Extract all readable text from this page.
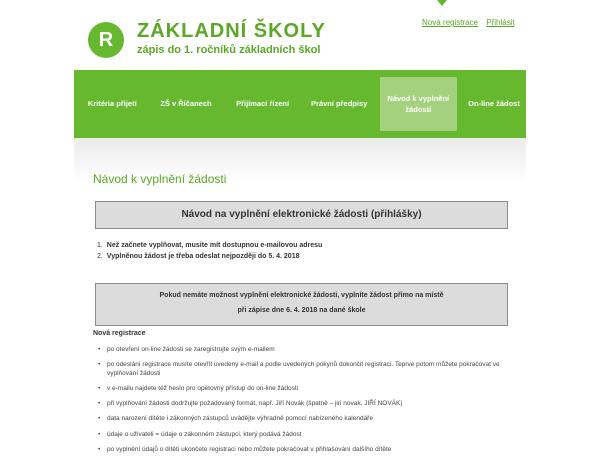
R ZÁKLADNÍ ŠKOLY
zápis do 1. ročníků základních škol
Nová registrace Přihlásit
Kritéria přijetí	ZŠ v Říčanech	Přijímací řízení	Právní předpisy
Návod k vyplnění
žádosti
On-line žádost
Návod k vyplnění žádosti
Návod na vyplnění elektronické žádosti (přihlášky)
1. Než začnete vyplňovat, musíte mít dostupnou e-mailovou adresu
2. Vyplněnou žádost je třeba odeslat nejpozději do 5. 4. 2018
Pokud nemáte možnost vyplnění elektronické žádosti, vyplníte žádost přímo na místě
při zápise dne 6. 4. 2018 na dané škole
Nová registrace
• po otevření on-line žádosti se zaregistrujte svým e-mailem
• po odeslání registrace musíte otevřít uvedený e-mail a podle uvedených pokynů dokončit registraci. Teprve potom můžete pokračovat ve vyplňování žádosti
• v e-mailu najdete též heslo pro opětovný přístup do on-line žádosti
• při vyplňování žádosti dodržujte požadovaný formát, např. Jiří Novák (špatně – jiri novak, JIŘÍ NOVÁK)
• data narození dítěte i zákonných zástupců uvádějte výhradně pomocí nabízeného kalendáře
• údaje o uživateli = údaje o zákonném zástupci, který podává žádost
• po vyplnění údajů o dítěti ukončete registraci nebo můžete pokračovat v přihlašování dalšího dítěte
